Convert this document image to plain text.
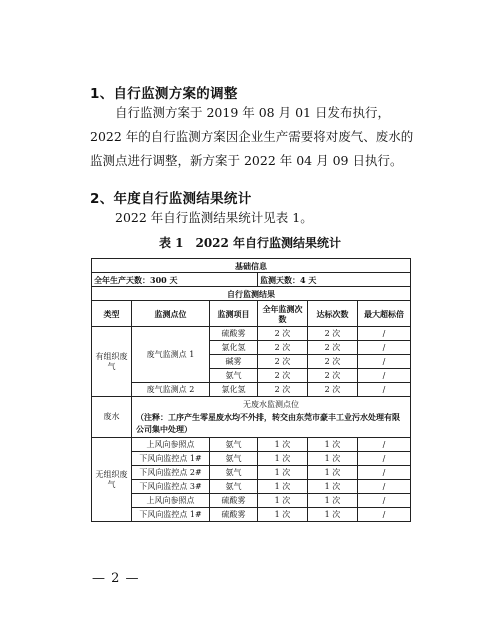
1、自行监测方案的调整
自行监测方案于 2019 年 08 月 01 日发布执行，2022 年的自行监测方案因企业生产需要将对废气、废水的监测点进行调整，新方案于 2022 年 04 月 09 日执行。
2、年度自行监测结果统计
2022 年自行监测结果统计见表 1。
表 1　2022 年自行监测结果统计
基础信息					
全年生产天数：300 天			监测天数：4 天		
自行监测结果					
类型	监测点位	监测项目	全年监测次数	达标次数	最大超标倍
有组织废气	废气监测点 1	硫酸雾	2 次	2 次	/
		氯化氢	2 次	2 次	/
		碱雾	2 次	2 次	/
		氨气	2 次	2 次	/
	废气监测点 2	氯化氢	2 次	2 次	/
废水	无废水监测点位
（注释：工序产生零星废水均不外排，转交由东莞市豪丰工业污水处理有限公司集中处理）				

无组织废气	上风向参照点	氨气	1 次	1 次	/
	下风向监控点 1#	氨气	1 次	1 次	/
	下风向监控点 2#	氨气	1 次	1 次	/
	下风向监控点 3#	氨气	1 次	1 次	/
	上风向参照点	硫酸雾	1 次	1 次	/
	下风向监控点 1#	硫酸雾	1 次	1 次	/
— 2 —
